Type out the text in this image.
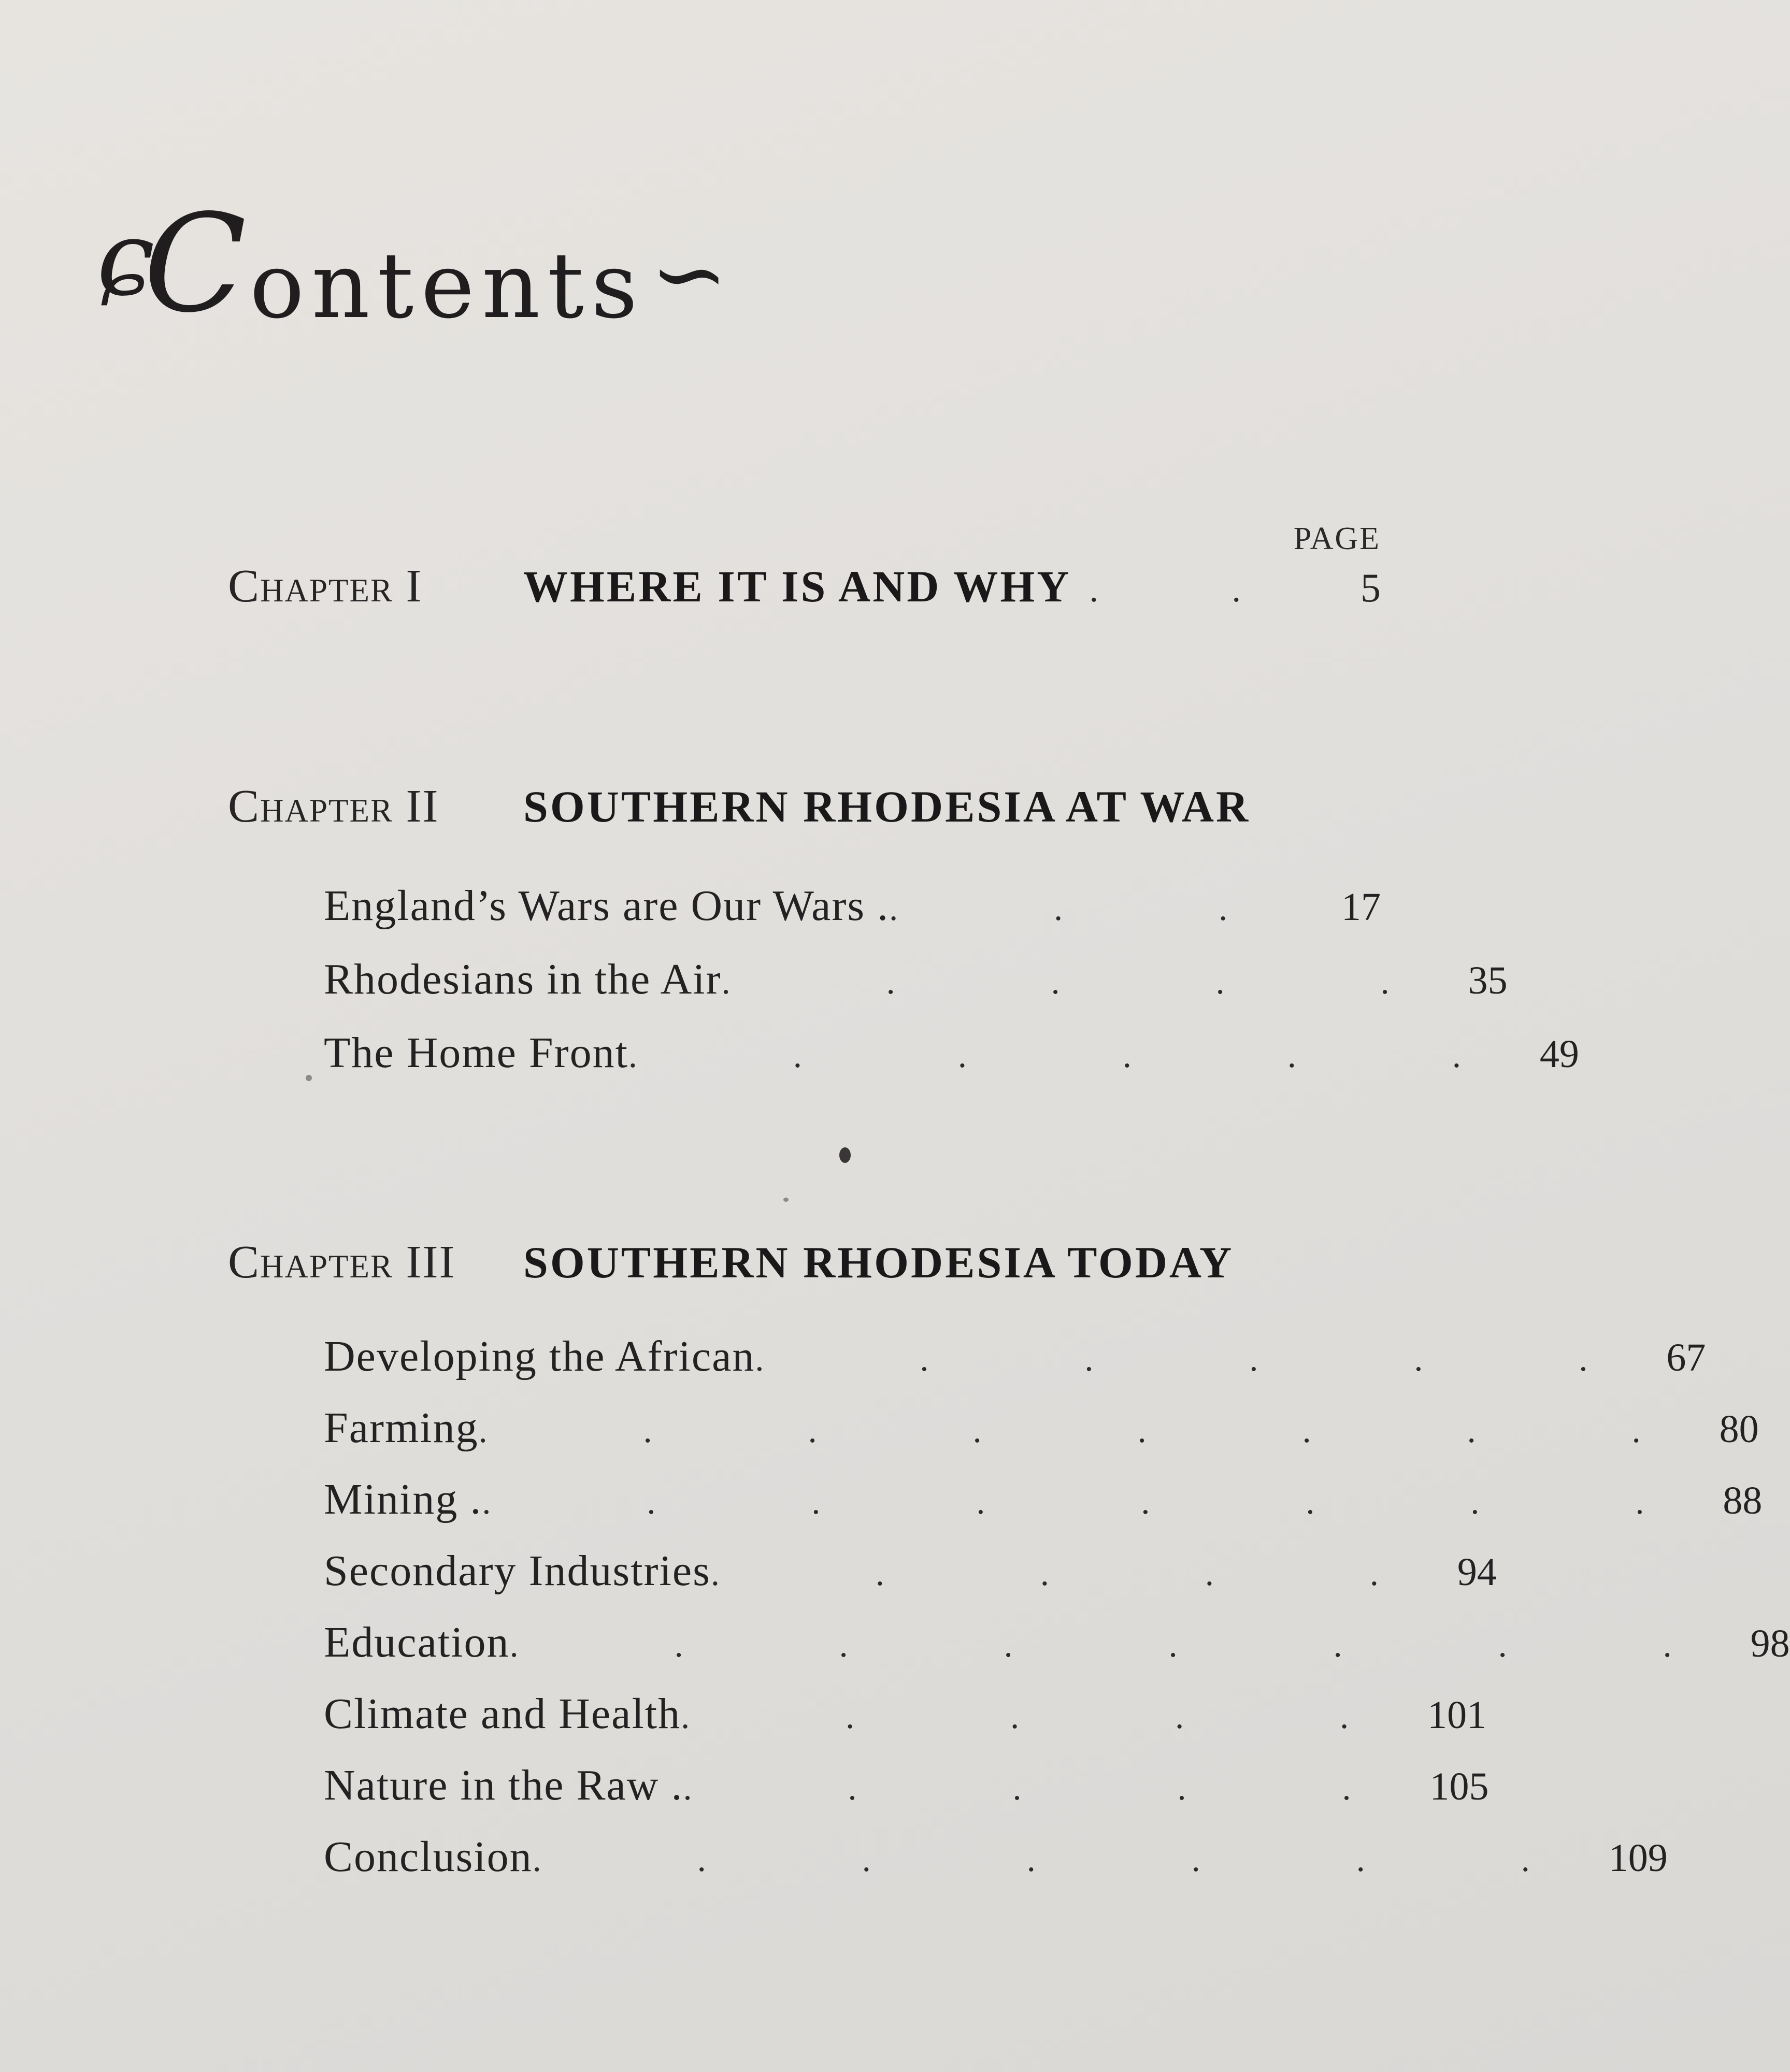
ɕ
C ontents ∽
PAGE
Chapter I	WHERE IT IS AND WHY . .	5
Chapter II	SOUTHERN RHODESIA AT WAR
England’s Wars are Our Wars . . . .	17
Rhodesians in the Air . . . . . 35
The Home Front . . . . . . 49
Chapter III	SOUTHERN RHODESIA TODAY
Developing the African . . . . . . 67
Farming . . . . . . . . 80
Mining . . . . . . . . . 88
Secondary Industries . . . . . 94
Education . . . . . . . . 98
Climate and Health . . . . . 101
Nature in the Raw . . . . . . 105
Conclusion . . . . . . . 109
